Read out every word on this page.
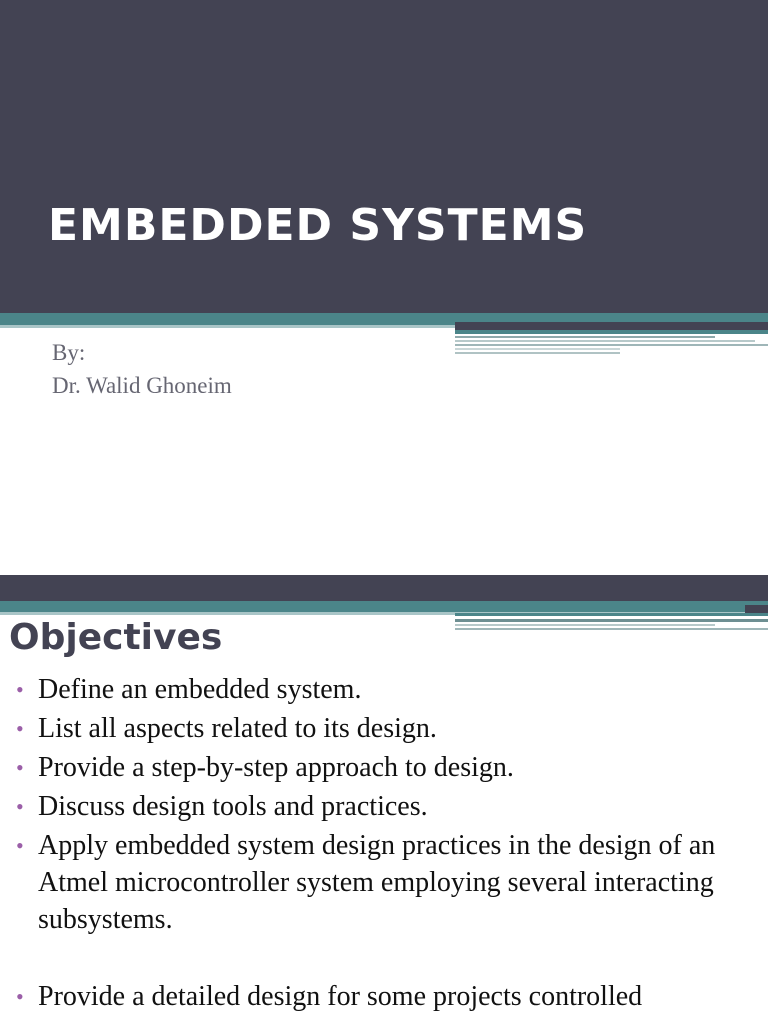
EMBEDDED SYSTEMS
By:
Dr. Walid Ghoneim
Objectives
• Define an embedded system.
• List all aspects related to its design.
• Provide a step-by-step approach to design.
• Discuss design tools and practices.
• Apply embedded system design practices in the design of an Atmel microcontroller system employing several interacting subsystems.
• Provide a detailed design for some projects controlled
